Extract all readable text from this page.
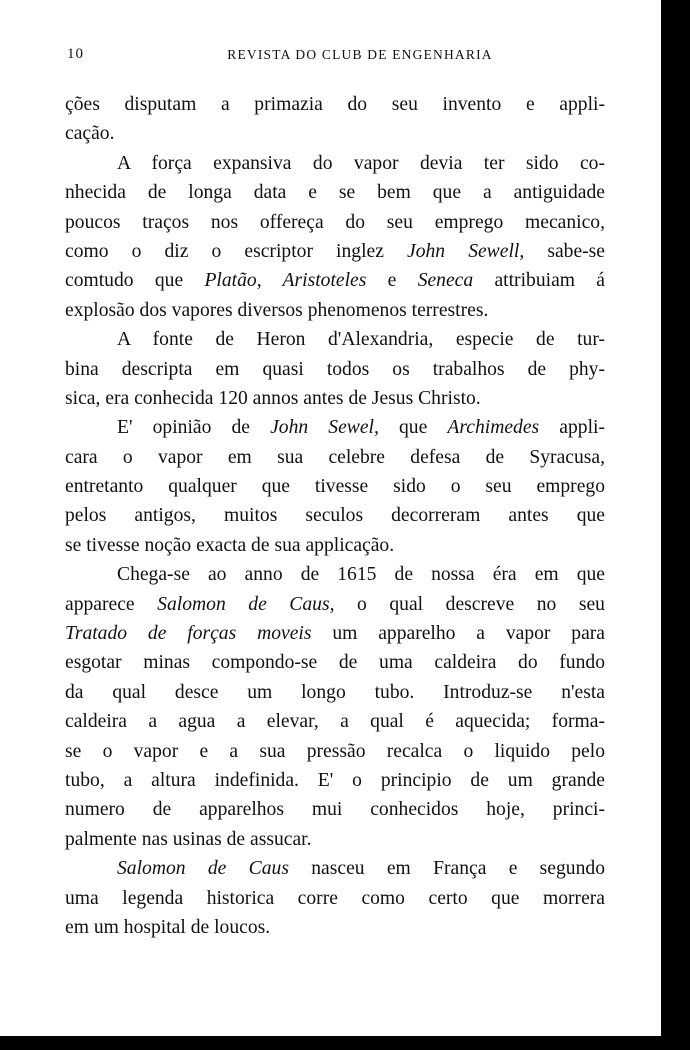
10	REVISTA DO CLUB DE ENGENHARIA
ções disputam a primazia do seu invento e appli-
cação.
A força expansiva do vapor devia ter sido co-
nhecida de longa data e se bem que a antiguidade
poucos traços nos offereça do seu emprego mecanico,
como o diz o escriptor inglez John Sewell, sabe-se
comtudo que Platão, Aristoteles e Seneca attribuiam á
explosão dos vapores diversos phenomenos terrestres.
A fonte de Heron d'Alexandria, especie de tur-
bina descripta em quasi todos os trabalhos de phy-
sica, era conhecida 120 annos antes de Jesus Christo.
E' opinião de John Sewel, que Archimedes appli-
cara o vapor em sua celebre defesa de Syracusa,
entretanto qualquer que tivesse sido o seu emprego
pelos antigos, muitos seculos decorreram antes que
se tivesse noção exacta de sua applicação.
Chega-se ao anno de 1615 de nossa éra em que
apparece Salomon de Caus, o qual descreve no seu
Tratado de forças moveis um apparelho a vapor para
esgotar minas compondo-se de uma caldeira do fundo
da qual desce um longo tubo. Introduz-se n'esta
caldeira a agua a elevar, a qual é aquecida; forma-
se o vapor e a sua pressão recalca o liquido pelo
tubo, a altura indefinida. E' o principio de um grande
numero de apparelhos mui conhecidos hoje, princi-
palmente nas usinas de assucar.
Salomon de Caus nasceu em França e segundo
uma legenda historica corre como certo que morrera
em um hospital de loucos.
